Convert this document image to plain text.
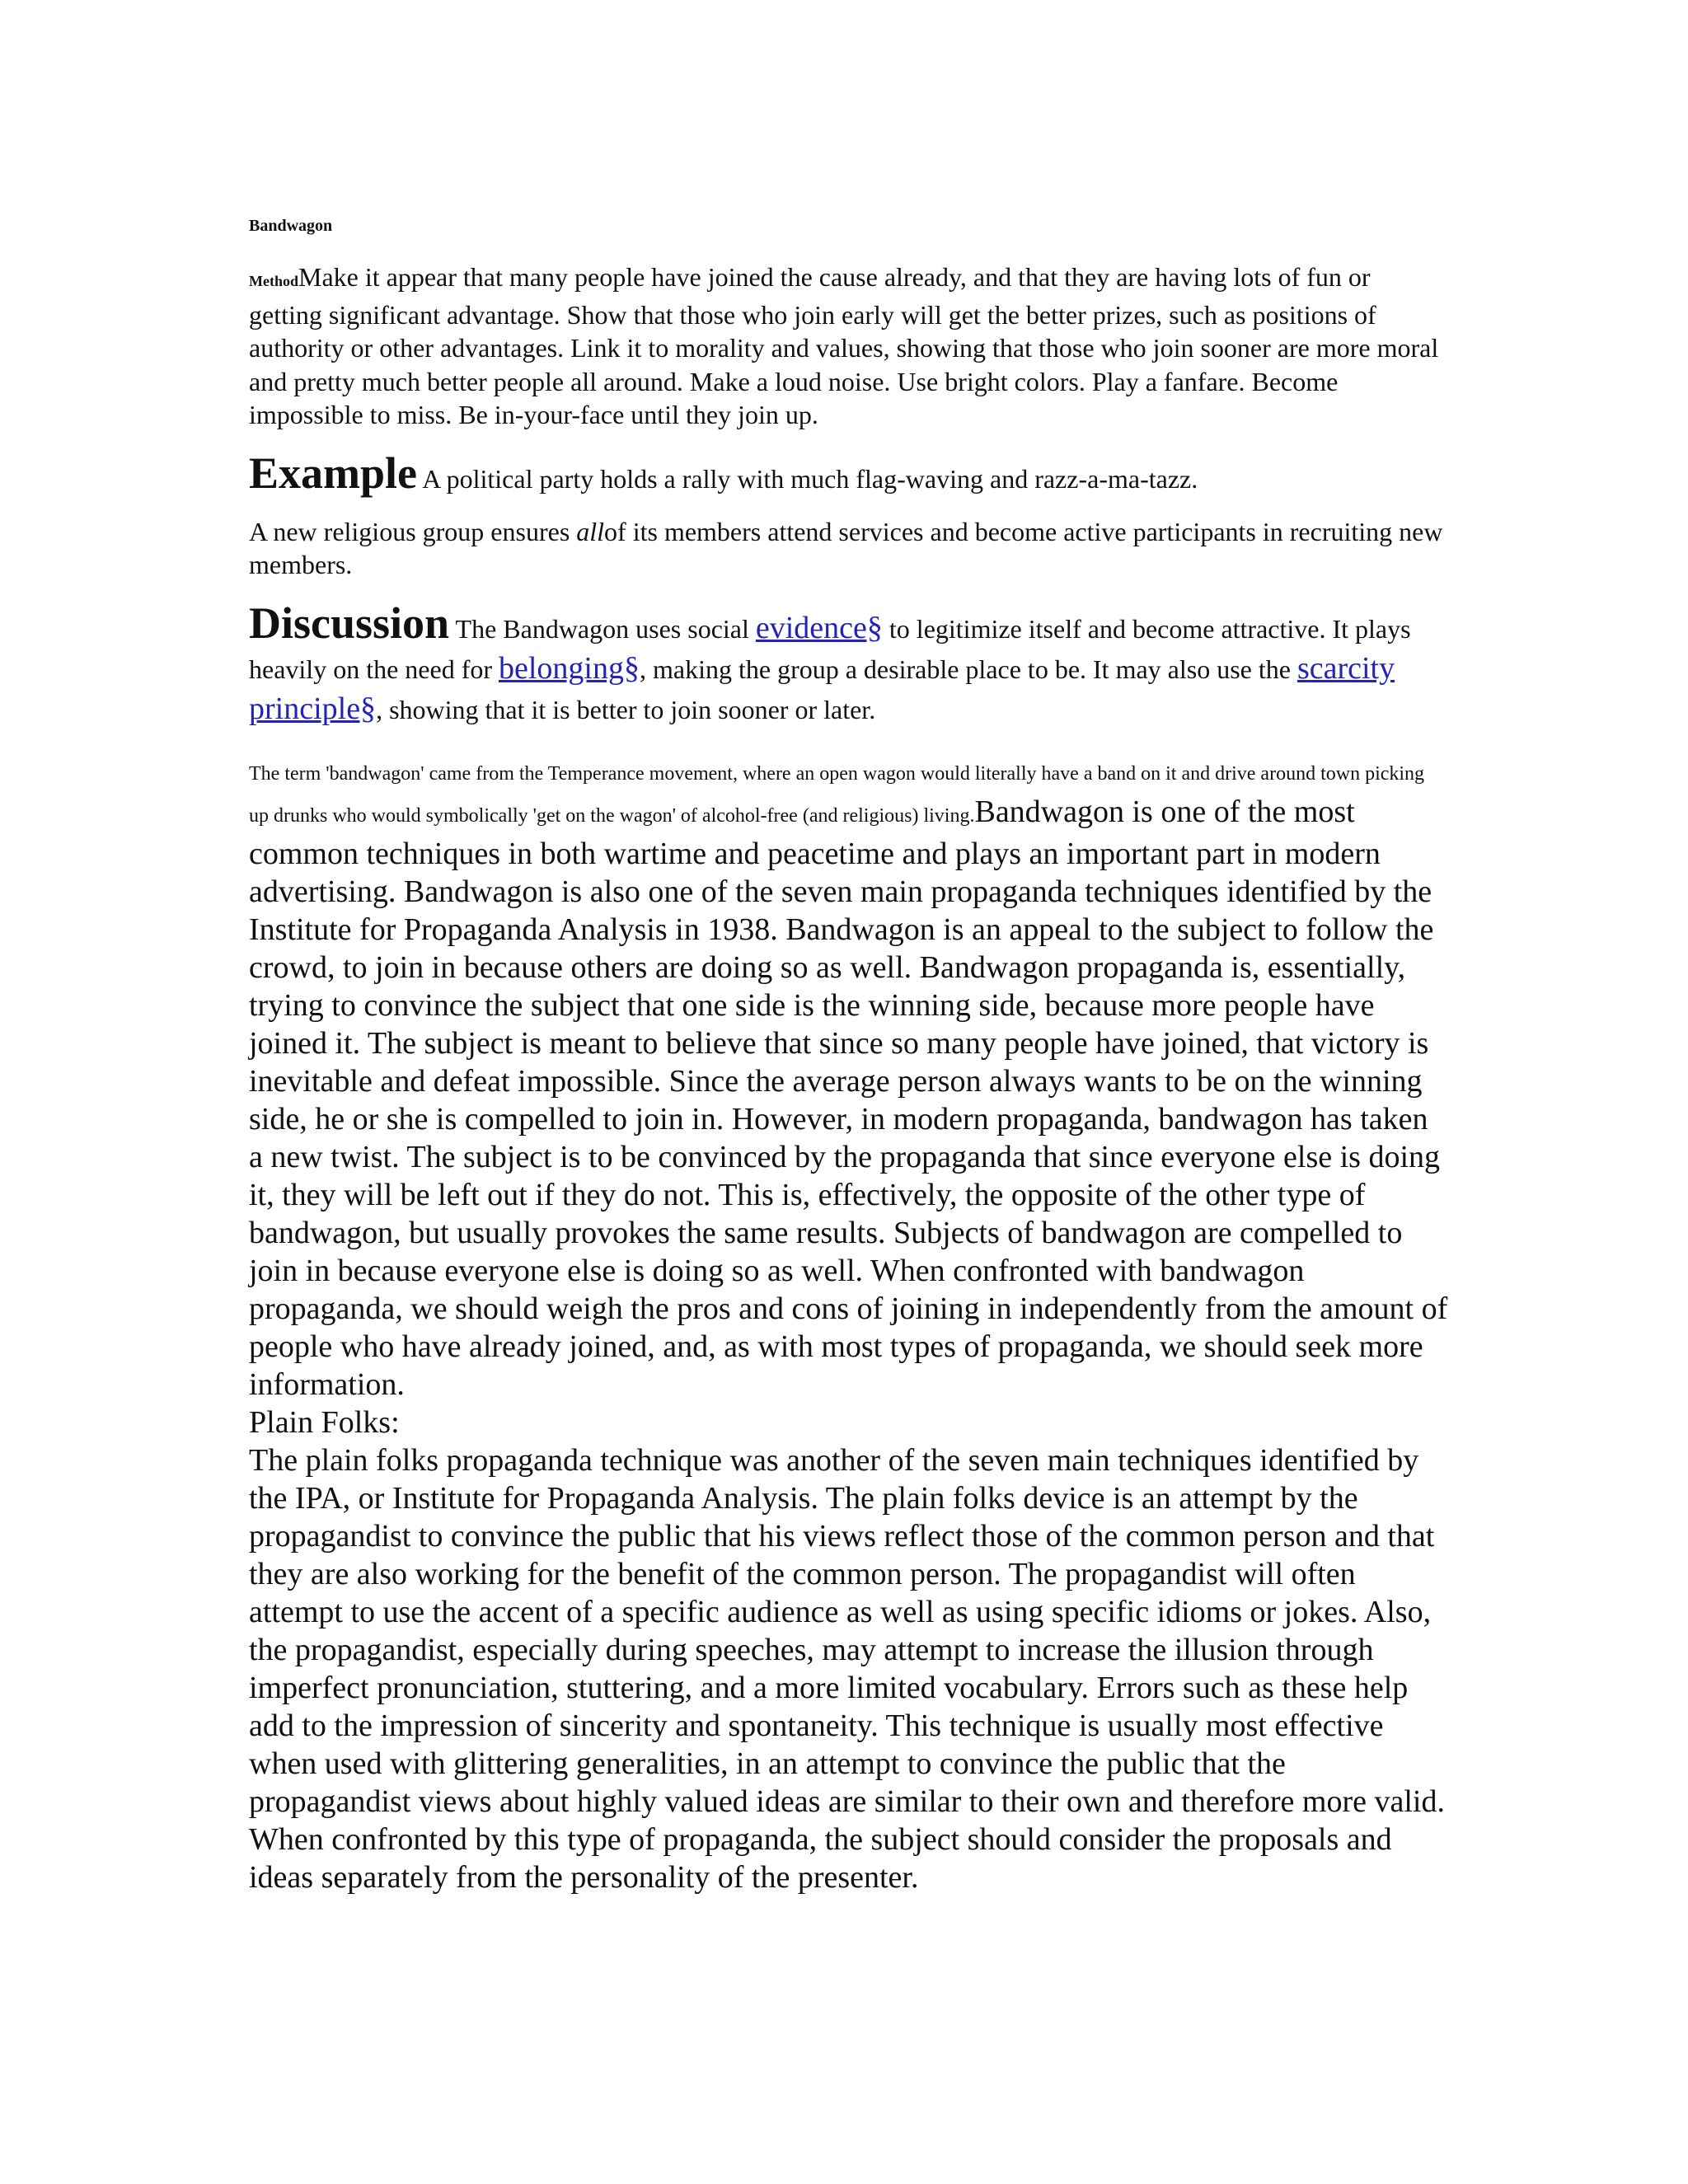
Bandwagon

MethodMake it appear that many people have joined the cause already, and that they are having lots of fun or getting significant advantage. Show that those who join early will get the better prizes, such as positions of authority or other advantages. Link it to morality and values, showing that those who join sooner are more moral and pretty much better people all around. Make a loud noise. Use bright colors. Play a fanfare. Become impossible to miss. Be in-your-face until they join up.

Example A political party holds a rally with much flag-waving and razz-a-ma-tazz.

A new religious group ensures allof its members attend services and become active participants in recruiting new members.

Discussion The Bandwagon uses social evidence§ to legitimize itself and become attractive. It plays heavily on the need for belonging§, making the group a desirable place to be. It may also use the scarcity principle§, showing that it is better to join sooner or later.

The term 'bandwagon' came from the Temperance movement, where an open wagon would literally have a band on it and drive around town picking up drunks who would symbolically 'get on the wagon' of alcohol-free (and religious) living.Bandwagon is one of the most common techniques in both wartime and peacetime and plays an important part in modern advertising. Bandwagon is also one of the seven main propaganda techniques identified by the Institute for Propaganda Analysis in 1938. Bandwagon is an appeal to the subject to follow the crowd, to join in because others are doing so as well. Bandwagon propaganda is, essentially, trying to convince the subject that one side is the winning side, because more people have joined it. The subject is meant to believe that since so many people have joined, that victory is inevitable and defeat impossible. Since the average person always wants to be on the winning side, he or she is compelled to join in. However, in modern propaganda, bandwagon has taken a new twist. The subject is to be convinced by the propaganda that since everyone else is doing it, they will be left out if they do not. This is, effectively, the opposite of the other type of bandwagon, but usually provokes the same results. Subjects of bandwagon are compelled to join in because everyone else is doing so as well. When confronted with bandwagon propaganda, we should weigh the pros and cons of joining in independently from the amount of people who have already joined, and, as with most types of propaganda, we should seek more information.

Plain Folks:

The plain folks propaganda technique was another of the seven main techniques identified by the IPA, or Institute for Propaganda Analysis. The plain folks device is an attempt by the propagandist to convince the public that his views reflect those of the common person and that they are also working for the benefit of the common person. The propagandist will often attempt to use the accent of a specific audience as well as using specific idioms or jokes. Also, the propagandist, especially during speeches, may attempt to increase the illusion through imperfect pronunciation, stuttering, and a more limited vocabulary. Errors such as these help add to the impression of sincerity and spontaneity. This technique is usually most effective when used with glittering generalities, in an attempt to convince the public that the propagandist views about highly valued ideas are similar to their own and therefore more valid. When confronted by this type of propaganda, the subject should consider the proposals and ideas separately from the personality of the presenter.
